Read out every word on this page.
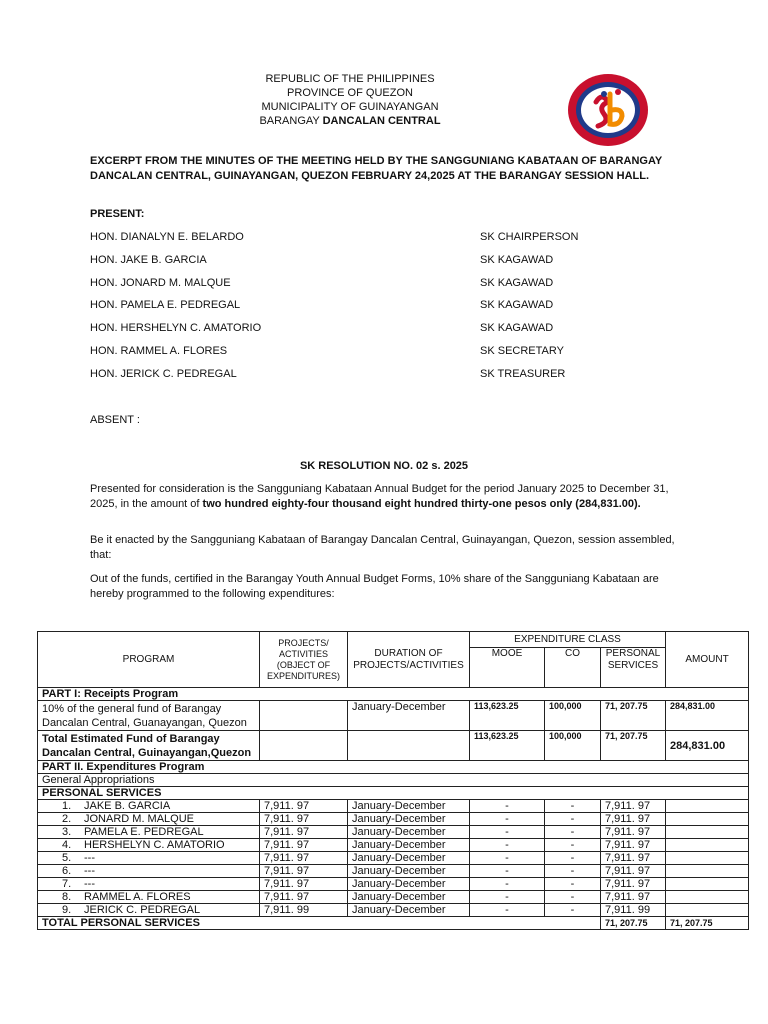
REPUBLIC OF THE PHILIPPINES
PROVINCE OF QUEZON
MUNICIPALITY OF GUINAYANGAN
BARANGAY DANCALAN CENTRAL
EXCERPT FROM THE MINUTES OF THE MEETING HELD BY THE SANGGUNIANG KABATAAN OF BARANGAY DANCALAN CENTRAL, GUINAYANGAN, QUEZON FEBRUARY 24,2025 AT THE BARANGAY SESSION HALL.
PRESENT:
HON. DIANALYN E. BELARDO	SK CHAIRPERSON
HON. JAKE B. GARCIA	SK KAGAWAD
HON. JONARD M. MALQUE	SK KAGAWAD
HON. PAMELA E. PEDREGAL	SK KAGAWAD
HON. HERSHELYN C. AMATORIO	SK KAGAWAD
HON. RAMMEL A. FLORES	SK SECRETARY
HON. JERICK C. PEDREGAL	SK TREASURER
ABSENT :
SK RESOLUTION NO. 02 s. 2025
Presented for consideration is the Sangguniang Kabataan Annual Budget for the period January 2025 to December 31, 2025, in the amount of two hundred eighty-four thousand eight hundred thirty-one pesos only (284,831.00).
Be it enacted by the Sangguniang Kabataan of Barangay Dancalan Central, Guinayangan, Quezon, session assembled, that:
Out of the funds, certified in the Barangay Youth Annual Budget Forms, 10% share of the Sangguniang Kabataan are hereby programmed to the following expenditures:
PROGRAM	PROJECTS/ ACTIVITIES (OBJECT OF EXPENDITURES)	DURATION OF PROJECTS/ACTIVITIES	EXPENDITURE CLASS			AMOUNT
			MOOE	CO	PERSONAL SERVICES	
PART I: Receipts Program						
10% of the general fund of Barangay Dancalan Central, Guanayangan, Quezon		January-December	113,623.25	100,000	71, 207.75	284,831.00
Total Estimated Fund of Barangay Dancalan Central, Guinayangan,Quezon			113,623.25	100,000	71, 207.75	284,831.00
PART II. Expenditures Program						
General Appropriations						
PERSONAL SERVICES						
1. JAKE B. GARCIA	7,911. 97	January-December	-	-	7,911. 97	
2. JONARD M. MALQUE	7,911. 97	January-December	-	-	7,911. 97	
3. PAMELA E. PEDREGAL	7,911. 97	January-December	-	-	7,911. 97	
4. HERSHELYN C. AMATORIO	7,911. 97	January-December	-	-	7,911. 97	
5. ---	7,911. 97	January-December	-	-	7,911. 97	
6. ---	7,911. 97	January-December	-	-	7,911. 97	
7. ---	7,911. 97	January-December	-	-	7,911. 97	
8. RAMMEL A. FLORES	7,911. 97	January-December	-	-	7,911. 97	
9. JERICK C. PEDREGAL	7,911. 99	January-December	-	-	7,911. 99	
TOTAL PERSONAL SERVICES					71, 207.75	71, 207.75
